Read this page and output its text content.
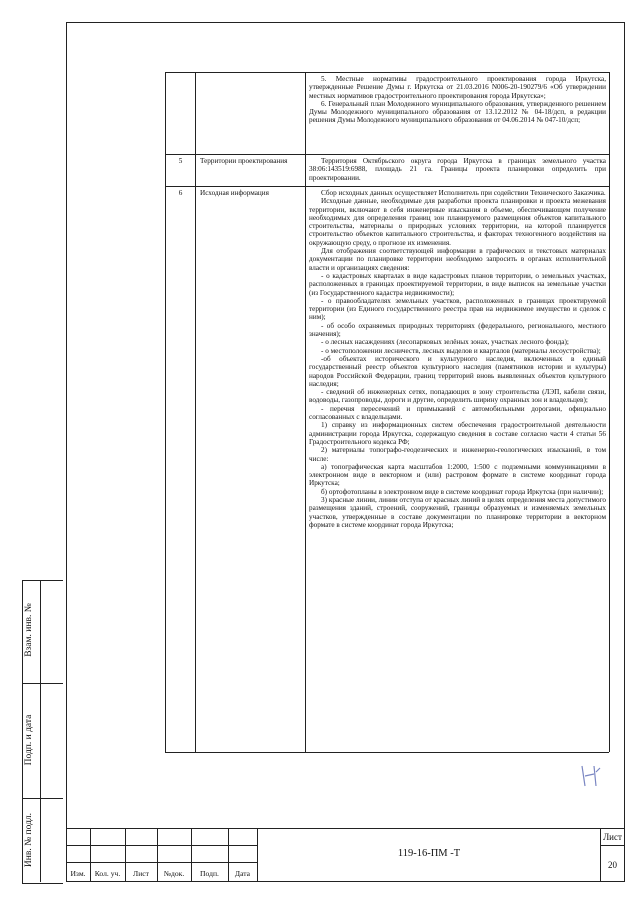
5. Местные нормативы градостроительного проектирования города Иркутска, утвержденные Решение Думы г. Иркутска от 21.03.2016 N006-20-190279/6 «Об утверждении местных нормативов градостроительного проектирования города Иркутска»;

6. Генеральный план Молодежного муниципального образования, утвержденного решением Думы Молодежного муниципального образования от 13.12.2012 № 04-18/дсп, в редакции решения Думы Молодежного муниципального образования от 04.06.2014 № 047-10/дсп;

5	Территории проектирования	Территория Октябрьского округа города Иркутска в границах земельного участка 38:06:143519:6988, площадь 21 га. Границы проекта планировки определить при проектировании.

6	Исходная информация	Сбор исходных данных осуществляет Исполнитель при содействии Технического Заказчика.

Исходные данные, необходимые для разработки проекта планировки и проекта межевания территории, включают в себя инженерные изыскания в объеме, обеспечивающем получение необходимых для определения границ зон планируемого размещения объектов капитального строительства, материалы о природных условиях территории, на которой планируется строительство объектов капитального строительства, и факторах техногенного воздействия на окружающую среду, о прогнозе их изменения.

Для отображения соответствующей информации в графических и текстовых материалах документации по планировке территории необходимо запросить в органах исполнительной власти и организациях сведения:

- о кадастровых кварталах в виде кадастровых планов территории, о земельных участках, расположенных в границах проектируемой территории, в виде выписок на земельные участки (из Государственного кадастра недвижимости);

- о правообладателях земельных участков, расположенных в границах проектируемой территории (из Единого государственного реестра прав на недвижимое имущество и сделок с ним);

- об особо охраняемых природных территориях (федерального, регионального, местного значения);

- о лесных насаждениях (лесопарковых зелёных зонах, участках лесного фонда);

- о местоположении лесничеств, лесных выделов и кварталов (материалы лесоустройства);

-об объектах исторического и культурного наследия, включенных в единый государственный реестр объектов культурного наследия (памятников истории и культуры) народов Российской Федерации, границ территорий вновь выявленных объектов культурного наследия;

- сведений об инженерных сетях, попадающих в зону строительства (ЛЭП, кабели связи, водоводы, газопроводы, дороги и другие, определить ширину охранных зон и владельцев);

- перечня пересечений и примыканий с автомобильными дорогами, официально согласованных с владельцами.

1) справку из информационных систем обеспечения градостроительной деятельности администрации города Иркутска, содержащую сведения в составе согласно части 4 статьи 56 Градостроительного кодекса РФ;

2) материалы топографо-геодезических и инженерно-геологических изысканий, в том числе:

а) топографическая карта масштабов 1:2000, 1:500 с подземными коммуникациями в электронном виде в векторном и (или) растровом формате в системе координат города Иркутска;

б) ортофотопланы в электронном виде в системе координат города Иркутска (при наличии);

3) красные линии, линии отступа от красных линий в целях определения места допустимого размещения зданий, строений, сооружений, границы образуемых и изменяемых земельных участков, утвержденные в составе документации по планировке территории в векторном формате в системе координат города Иркутска;

Взам. инв. №
Подп. и дата
Инв. № подл.
Изм.	Кол. уч.	Лист	№док.	Подп.	Дата
119-16-ПМ -Т
Лист
20
